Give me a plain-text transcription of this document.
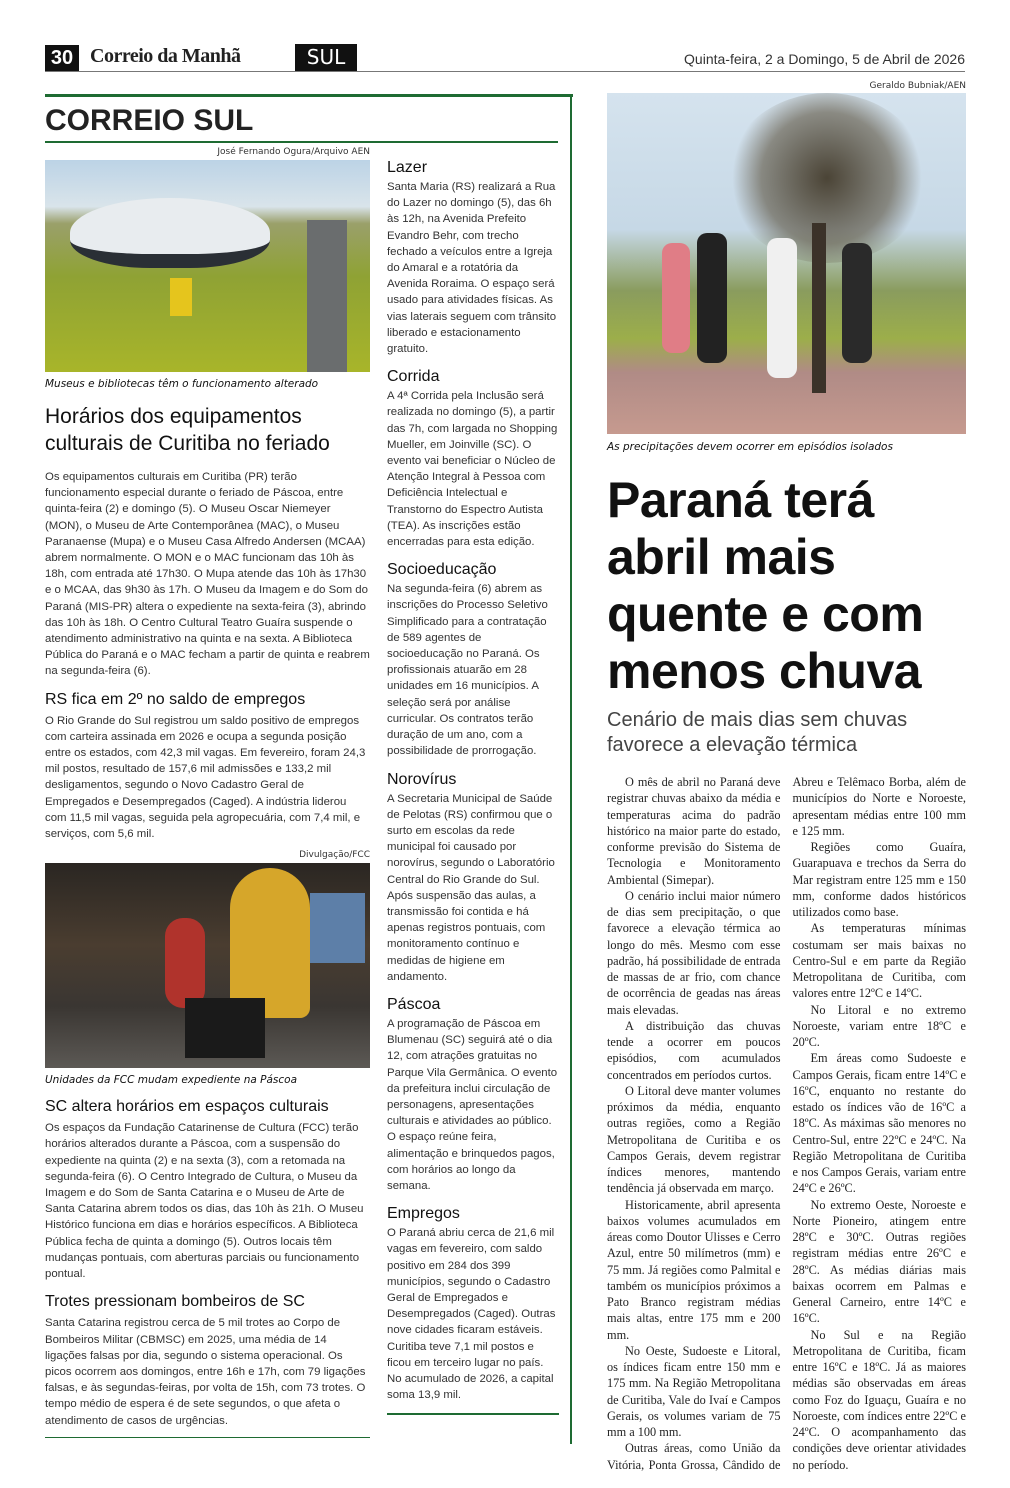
30 Correio da Manhã	SUL	Quinta-feira, 2 a Domingo, 5 de Abril de 2026
CORREIO SUL
José Fernando Ogura/Arquivo AEN
Museus e bibliotecas têm o funcionamento alterado
Horários dos equipamentos culturais de Curitiba no feriado

Os equipamentos culturais em Curitiba (PR) terão funcionamento especial durante o feriado de Páscoa, entre quinta-feira (2) e domingo (5). O Museu Oscar Niemeyer (MON), o Museu de Arte Contemporânea (MAC), o Museu Paranaense (Mupa) e o Museu Casa Alfredo Andersen (MCAA) abrem normalmente. O MON e o MAC funcionam das 10h às 18h, com entrada até 17h30. O Mupa atende das 10h às 17h30 e o MCAA, das 9h30 às 17h. O Museu da Imagem e do Som do Paraná (MIS-PR) altera o expediente na sexta-feira (3), abrindo das 10h às 18h. O Centro Cultural Teatro Guaíra suspende o atendimento administrativo na quinta e na sexta. A Biblioteca Pública do Paraná e o MAC fecham a partir de quinta e reabrem na segunda-feira (6).

RS fica em 2º no saldo de empregos

O Rio Grande do Sul registrou um saldo positivo de empregos com carteira assinada em 2026 e ocupa a segunda posição entre os estados, com 42,3 mil vagas. Em fevereiro, foram 24,3 mil postos, resultado de 157,6 mil admissões e 133,2 mil desligamentos, segundo o Novo Cadastro Geral de Empregados e Desempregados (Caged). A indústria liderou com 11,5 mil vagas, seguida pela agropecuária, com 7,4 mil, e serviços, com 5,6 mil.

Divulgação/FCC
Unidades da FCC mudam expediente na Páscoa
SC altera horários em espaços culturais

Os espaços da Fundação Catarinense de Cultura (FCC) terão horários alterados durante a Páscoa, com a suspensão do expediente na quinta (2) e na sexta (3), com a retomada na segunda-feira (6). O Centro Integrado de Cultura, o Museu da Imagem e do Som de Santa Catarina e o Museu de Arte de Santa Catarina abrem todos os dias, das 10h às 21h. O Museu Histórico funciona em dias e horários específicos. A Biblioteca Pública fecha de quinta a domingo (5). Outros locais têm mudanças pontuais, com aberturas parciais ou funcionamento pontual.

Trotes pressionam bombeiros de SC

Santa Catarina registrou cerca de 5 mil trotes ao Corpo de Bombeiros Militar (CBMSC) em 2025, uma média de 14 ligações falsas por dia, segundo o sistema operacional. Os picos ocorrem aos domingos, entre 16h e 17h, com 79 ligações falsas, e às segundas-feiras, por volta de 15h, com 73 trotes. O tempo médio de espera é de sete segundos, o que afeta o atendimento de casos de urgências.

Lazer

Santa Maria (RS) realizará a Rua do Lazer no domingo (5), das 6h às 12h, na Avenida Prefeito Evandro Behr, com trecho fechado a veículos entre a Igreja do Amaral e a rotatória da Avenida Roraima. O espaço será usado para atividades físicas. As vias laterais seguem com trânsito liberado e estacionamento gratuito.

Corrida

A 4ª Corrida pela Inclusão será realizada no domingo (5), a partir das 7h, com largada no Shopping Mueller, em Joinville (SC). O evento vai beneficiar o Núcleo de Atenção Integral à Pessoa com Deficiência Intelectual e Transtorno do Espectro Autista (TEA). As inscrições estão encerradas para esta edição.

Socioeducação

Na segunda-feira (6) abrem as inscrições do Processo Seletivo Simplificado para a contratação de 589 agentes de socioeducação no Paraná. Os profissionais atuarão em 28 unidades em 16 municípios. A seleção será por análise curricular. Os contratos terão duração de um ano, com a possibilidade de prorrogação.

Norovírus

A Secretaria Municipal de Saúde de Pelotas (RS) confirmou que o surto em escolas da rede municipal foi causado por norovírus, segundo o Laboratório Central do Rio Grande do Sul. Após suspensão das aulas, a transmissão foi contida e há apenas registros pontuais, com monitoramento contínuo e medidas de higiene em andamento.

Páscoa

A programação de Páscoa em Blumenau (SC) seguirá até o dia 12, com atrações gratuitas no Parque Vila Germânica. O evento da prefeitura inclui circulação de personagens, apresentações culturais e atividades ao público. O espaço reúne feira, alimentação e brinquedos pagos, com horários ao longo da semana.

Empregos

O Paraná abriu cerca de 21,6 mil vagas em fevereiro, com saldo positivo em 284 dos 399 municípios, segundo o Cadastro Geral de Empregados e Desempregados (Caged). Outras nove cidades ficaram estáveis. Curitiba teve 7,1 mil postos e ficou em terceiro lugar no país. No acumulado de 2026, a capital soma 13,9 mil.

Geraldo Bubniak/AEN
As precipitações devem ocorrer em episódios isolados
Paraná terá abril mais quente e com menos chuva
Cenário de mais dias sem chuvas favorece a elevação térmica

O mês de abril no Paraná deve registrar chuvas abaixo da média e temperaturas acima do padrão histórico na maior parte do estado, conforme previsão do Sistema de Tecnologia e Monitoramento Ambiental (Simepar).

O cenário inclui maior número de dias sem precipitação, o que favorece a elevação térmica ao longo do mês. Mesmo com esse padrão, há possibilidade de entrada de massas de ar frio, com chance de ocorrência de geadas nas áreas mais elevadas.

A distribuição das chuvas tende a ocorrer em poucos episódios, com acumulados concentrados em períodos curtos.

O Litoral deve manter volumes próximos da média, enquanto outras regiões, como a Região Metropolitana de Curitiba e os Campos Gerais, devem registrar índices menores, mantendo tendência já observada em março.

Historicamente, abril apresenta baixos volumes acumulados em áreas como Doutor Ulisses e Cerro Azul, entre 50 milímetros (mm) e 75 mm. Já regiões como Palmital e também os municípios próximos a Pato Branco registram médias mais altas, entre 175 mm e 200 mm.

No Oeste, Sudoeste e Litoral, os índices ficam entre 150 mm e 175 mm. Na Região Metropolitana de Curitiba, Vale do Ivaí e Campos Gerais, os volumes variam de 75 mm a 100 mm.

Outras áreas, como União da Vitória, Ponta Grossa, Cândido de Abreu e Telêmaco Borba, além de municípios do Norte e Noroeste, apresentam médias entre 100 mm e 125 mm.

Regiões como Guaíra, Guarapuava e trechos da Serra do Mar registram entre 125 mm e 150 mm, conforme dados históricos utilizados como base.

As temperaturas mínimas costumam ser mais baixas no Centro-Sul e em parte da Região Metropolitana de Curitiba, com valores entre 12ºC e 14ºC.

No Litoral e no extremo Noroeste, variam entre 18ºC e 20ºC.

Em áreas como Sudoeste e Campos Gerais, ficam entre 14ºC e 16ºC, enquanto no restante do estado os índices vão de 16ºC a 18ºC. As máximas são menores no Centro-Sul, entre 22ºC e 24ºC. Na Região Metropolitana de Curitiba e nos Campos Gerais, variam entre 24ºC e 26ºC.

No extremo Oeste, Noroeste e Norte Pioneiro, atingem entre 28ºC e 30ºC. Outras regiões registram médias entre 26ºC e 28ºC. As médias diárias mais baixas ocorrem em Palmas e General Carneiro, entre 14ºC e 16ºC.

No Sul e na Região Metropolitana de Curitiba, ficam entre 16ºC e 18ºC. Já as maiores médias são observadas em áreas como Foz do Iguaçu, Guaíra e no Noroeste, com índices entre 22ºC e 24ºC. O acompanhamento das condições deve orientar atividades no período.
